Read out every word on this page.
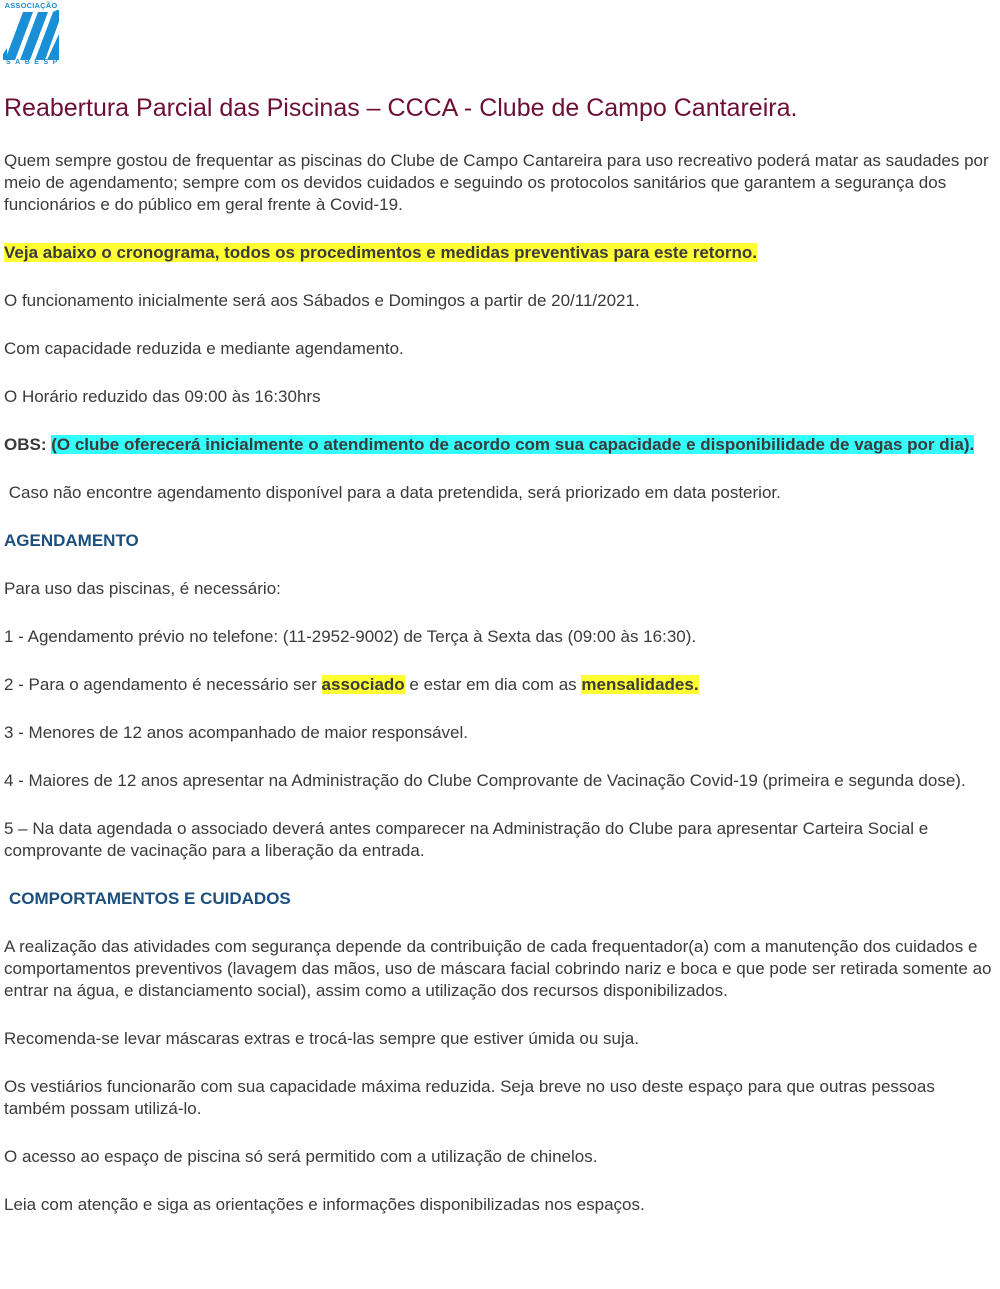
ASSOCIAÇÃO
SABESP
Reabertura Parcial das Piscinas – CCCA - Clube de Campo Cantareira.

Quem sempre gostou de frequentar as piscinas do Clube de Campo Cantareira para uso recreativo poderá matar as saudades por meio de agendamento; sempre com os devidos cuidados e seguindo os protocolos sanitários que garantem a segurança dos funcionários e do público em geral frente à Covid-19.

Veja abaixo o cronograma, todos os procedimentos e medidas preventivas para este retorno.

O funcionamento inicialmente será aos Sábados e Domingos a partir de 20/11/2021.

Com capacidade reduzida e mediante agendamento.

O Horário reduzido das 09:00 às 16:30hrs

OBS: (O clube oferecerá inicialmente o atendimento de acordo com sua capacidade e disponibilidade de vagas por dia).

Caso não encontre agendamento disponível para a data pretendida, será priorizado em data posterior.

AGENDAMENTO

Para uso das piscinas, é necessário:

1 - Agendamento prévio no telefone: (11-2952-9002) de Terça à Sexta das (09:00 às 16:30).

2 - Para o agendamento é necessário ser associado e estar em dia com as mensalidades.

3 - Menores de 12 anos acompanhado de maior responsável.

4 - Maiores de 12 anos apresentar na Administração do Clube Comprovante de Vacinação Covid-19 (primeira e segunda dose).

5 – Na data agendada o associado deverá antes comparecer na Administração do Clube para apresentar Carteira Social e comprovante de vacinação para a liberação da entrada.

COMPORTAMENTOS E CUIDADOS

A realização das atividades com segurança depende da contribuição de cada frequentador(a) com a manutenção dos cuidados e comportamentos preventivos (lavagem das mãos, uso de máscara facial cobrindo nariz e boca e que pode ser retirada somente ao entrar na água, e distanciamento social), assim como a utilização dos recursos disponibilizados.

Recomenda-se levar máscaras extras e trocá-las sempre que estiver úmida ou suja.

Os vestiários funcionarão com sua capacidade máxima reduzida. Seja breve no uso deste espaço para que outras pessoas também possam utilizá-lo.

O acesso ao espaço de piscina só será permitido com a utilização de chinelos.

Leia com atenção e siga as orientações e informações disponibilizadas nos espaços.
